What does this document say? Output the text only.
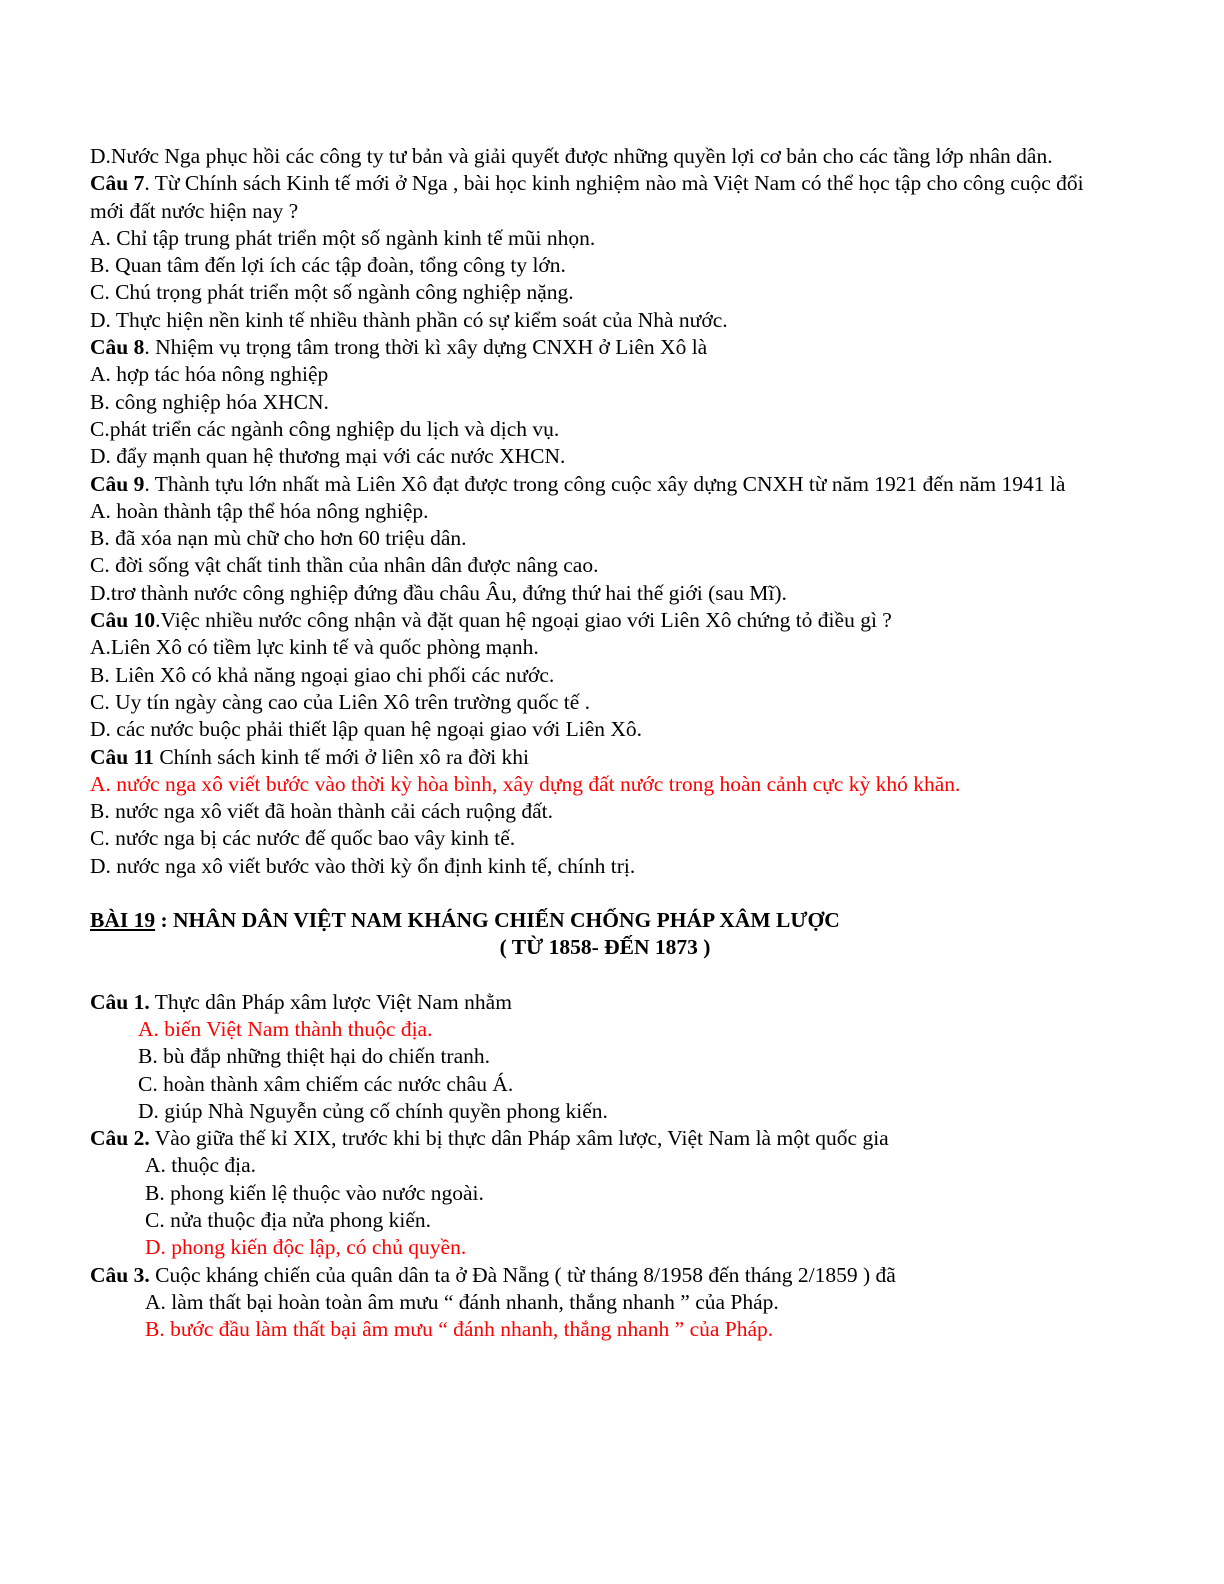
D.Nước Nga phục hồi các công ty tư bản và giải quyết được những quyền lợi cơ bản cho các tầng lớp nhân dân.

Câu 7. Từ Chính sách Kinh tế mới ở Nga , bài học kinh nghiệm nào mà Việt Nam có thể học tập cho công cuộc đổi mới đất nước hiện nay ?

A. Chỉ tập trung phát triển một số ngành kinh tế mũi nhọn.

B. Quan tâm đến lợi ích các tập đoàn, tổng công ty lớn.

C. Chú trọng phát triển một số ngành công nghiệp nặng.

D. Thực hiện nền kinh tế nhiều thành phần có sự kiểm soát của Nhà nước.

Câu 8. Nhiệm vụ trọng tâm trong thời kì xây dựng CNXH ở Liên Xô là

A. hợp tác hóa nông nghiệp

B. công nghiệp hóa XHCN.

C.phát triển các ngành công nghiệp du lịch và dịch vụ.

D. đẩy mạnh quan hệ thương mại với các nước XHCN.

Câu 9. Thành tựu lớn nhất mà Liên Xô đạt được trong công cuộc xây dựng CNXH từ năm 1921 đến năm 1941 là

A. hoàn thành tập thể hóa nông nghiệp.

B. đã xóa nạn mù chữ cho hơn 60 triệu dân.

C. đời sống vật chất tinh thần của nhân dân được nâng cao.

D.trơ thành nước công nghiệp đứng đầu châu Âu, đứng thứ hai thế giới (sau Mĩ).

Câu 10.Việc nhiều nước công nhận và đặt quan hệ ngoại giao với Liên Xô chứng tỏ điều gì ?

A.Liên Xô có tiềm lực kinh tế và quốc phòng mạnh.

B. Liên Xô có khả năng ngoại giao chi phối các nước.

C. Uy tín ngày càng cao của Liên Xô trên trường quốc tế .

D. các nước buộc phải thiết lập quan hệ ngoại giao với Liên Xô.

Câu 11 Chính sách kinh tế mới ở liên xô ra đời khi

A. nước nga xô viết bước vào thời kỳ hòa bình, xây dựng đất nước trong hoàn cảnh cực kỳ khó khăn.

B. nước nga xô viết đã hoàn thành cải cách ruộng đất.

C. nước nga bị các nước đế quốc bao vây kinh tế.

D. nước nga xô viết bước vào thời kỳ ổn định kinh tế, chính trị.

BÀI 19 : NHÂN DÂN VIỆT NAM KHÁNG CHIẾN CHỐNG PHÁP XÂM LƯỢC

( TỪ 1858- ĐẾN 1873 )

Câu 1. Thực dân Pháp xâm lược Việt Nam nhằm

A. biến Việt Nam thành thuộc địa.

B. bù đắp những thiệt hại do chiến tranh.

C. hoàn thành xâm chiếm các nước châu Á.

D. giúp Nhà Nguyễn củng cố chính quyền phong kiến.

Câu 2. Vào giữa thế kỉ XIX, trước khi bị thực dân Pháp xâm lược, Việt Nam là một quốc gia

A. thuộc địa.

B. phong kiến lệ thuộc vào nước ngoài.

C. nửa thuộc địa nửa phong kiến.

D. phong kiến độc lập, có chủ quyền.

Câu 3. Cuộc kháng chiến của quân dân ta ở Đà Nẵng ( từ tháng 8/1958 đến tháng 2/1859 ) đã

A. làm thất bại hoàn toàn âm mưu “ đánh nhanh, thắng nhanh ” của Pháp.

B. bước đầu làm thất bại âm mưu “ đánh nhanh, thắng nhanh ” của Pháp.
